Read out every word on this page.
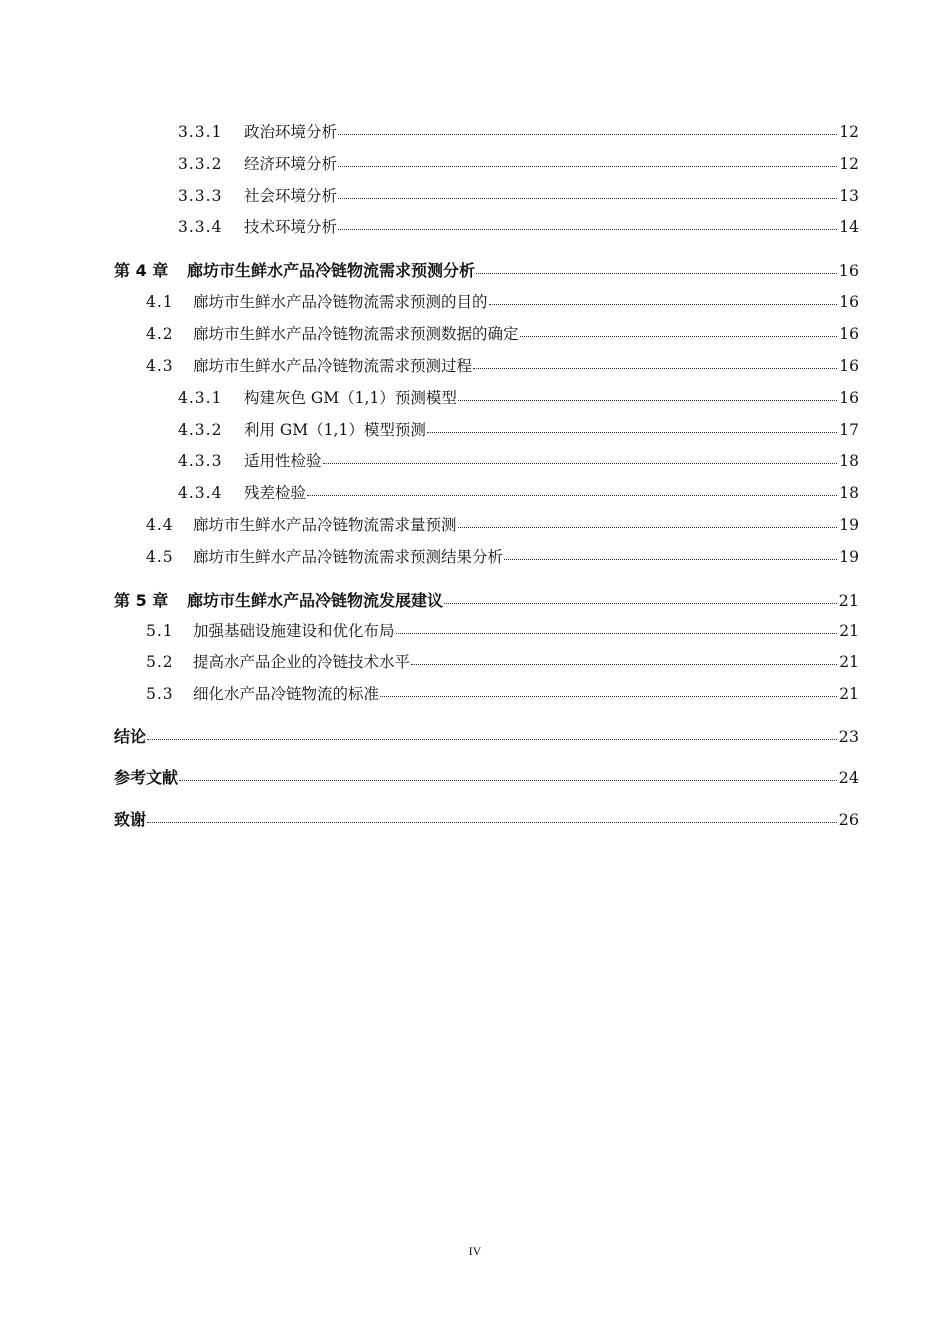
3.3.1	政治环境分析	12
3.3.2	经济环境分析	12
3.3.3	社会环境分析	13
3.3.4	技术环境分析	14
第 4 章	廊坊市生鲜水产品冷链物流需求预测分析	16
4.1	廊坊市生鲜水产品冷链物流需求预测的目的	16
4.2	廊坊市生鲜水产品冷链物流需求预测数据的确定	16
4.3	廊坊市生鲜水产品冷链物流需求预测过程	16
4.3.1	构建灰色 GM（1,1）预测模型	16
4.3.2	利用 GM（1,1）模型预测	17
4.3.3	适用性检验	18
4.3.4	残差检验	18
4.4	廊坊市生鲜水产品冷链物流需求量预测	19
4.5	廊坊市生鲜水产品冷链物流需求预测结果分析	19
第 5 章	廊坊市生鲜水产品冷链物流发展建议	21
5.1	加强基础设施建设和优化布局	21
5.2	提高水产品企业的冷链技术水平	21
5.3	细化水产品冷链物流的标准	21
结论	23
参考文献	24
致谢	26
IV
